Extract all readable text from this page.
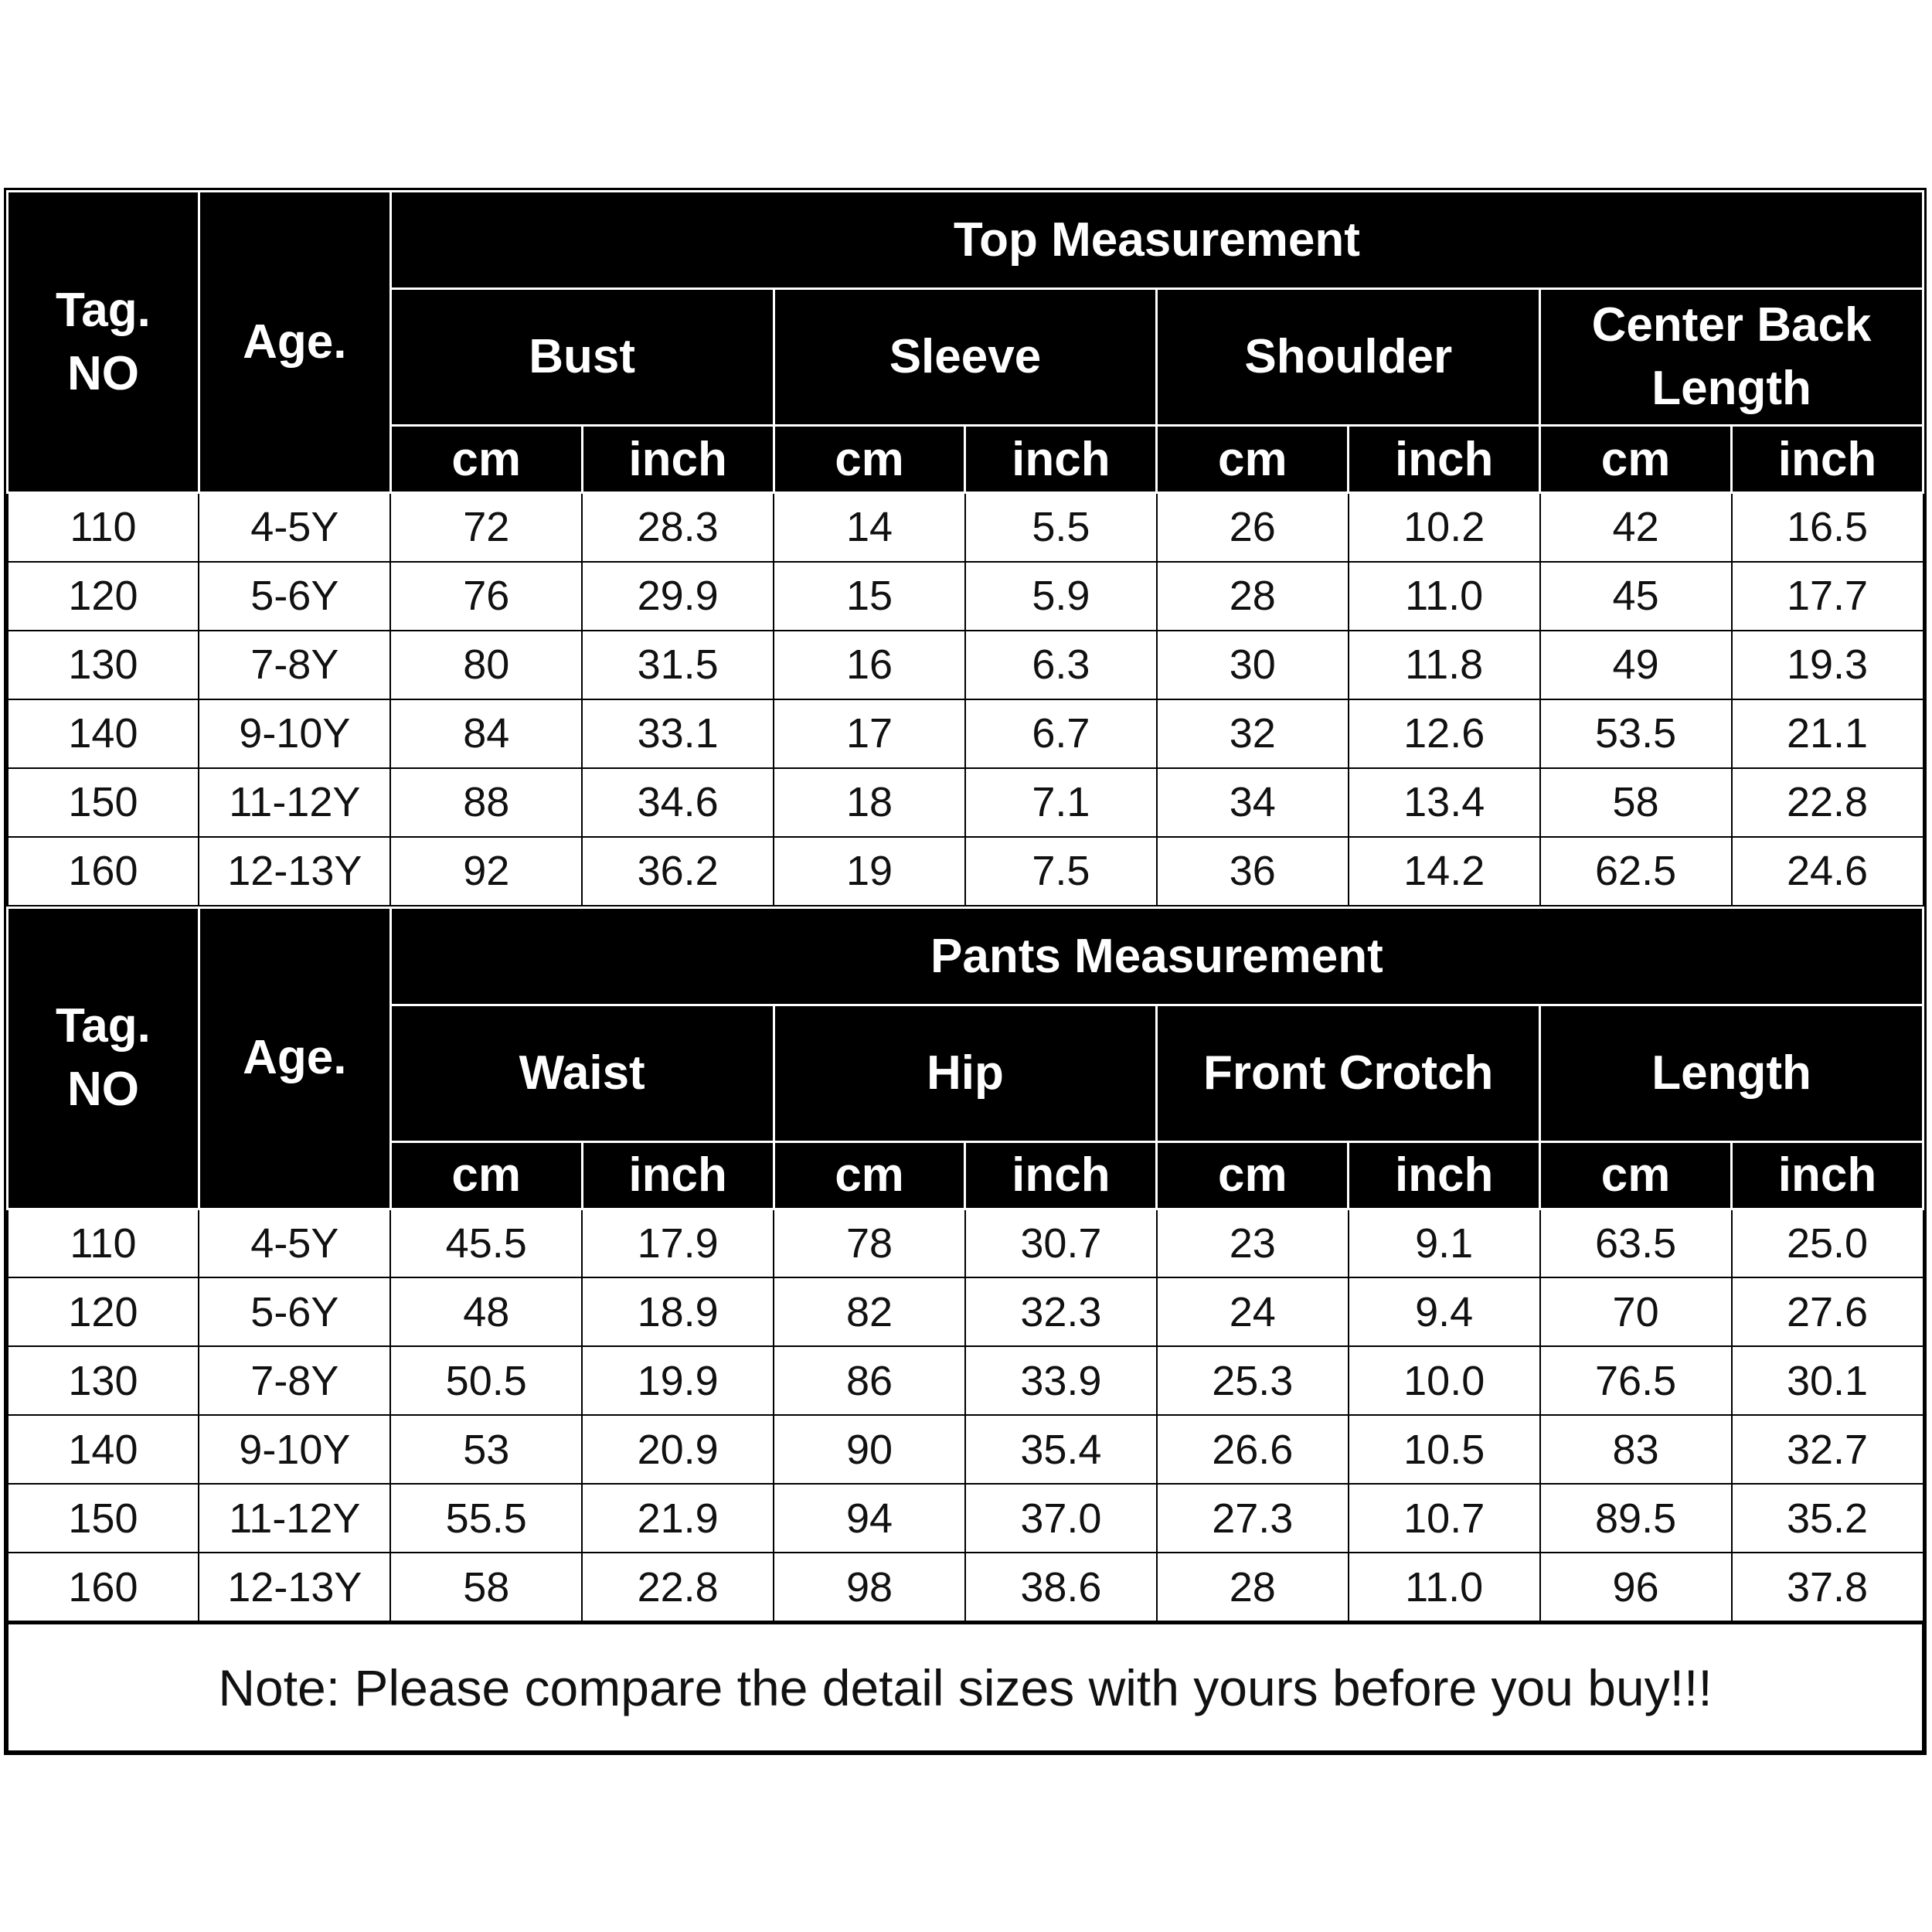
Tag. NO	Age.	Top Measurement							
		Bust		Sleeve		Shoulder		Center Back Length	
		cm	inch	cm	inch	cm	inch	cm	inch
110	4-5Y	72	28.3	14	5.5	26	10.2	42	16.5
120	5-6Y	76	29.9	15	5.9	28	11.0	45	17.7
130	7-8Y	80	31.5	16	6.3	30	11.8	49	19.3
140	9-10Y	84	33.1	17	6.7	32	12.6	53.5	21.1
150	11-12Y	88	34.6	18	7.1	34	13.4	58	22.8
160	12-13Y	92	36.2	19	7.5	36	14.2	62.5	24.6
Tag. NO	Age.	Pants Measurement							
		Waist		Hip		Front Crotch		Length	
		cm	inch	cm	inch	cm	inch	cm	inch
110	4-5Y	45.5	17.9	78	30.7	23	9.1	63.5	25.0
120	5-6Y	48	18.9	82	32.3	24	9.4	70	27.6
130	7-8Y	50.5	19.9	86	33.9	25.3	10.0	76.5	30.1
140	9-10Y	53	20.9	90	35.4	26.6	10.5	83	32.7
150	11-12Y	55.5	21.9	94	37.0	27.3	10.7	89.5	35.2
160	12-13Y	58	22.8	98	38.6	28	11.0	96	37.8
Note: Please compare the detail sizes with yours before you buy!!!
